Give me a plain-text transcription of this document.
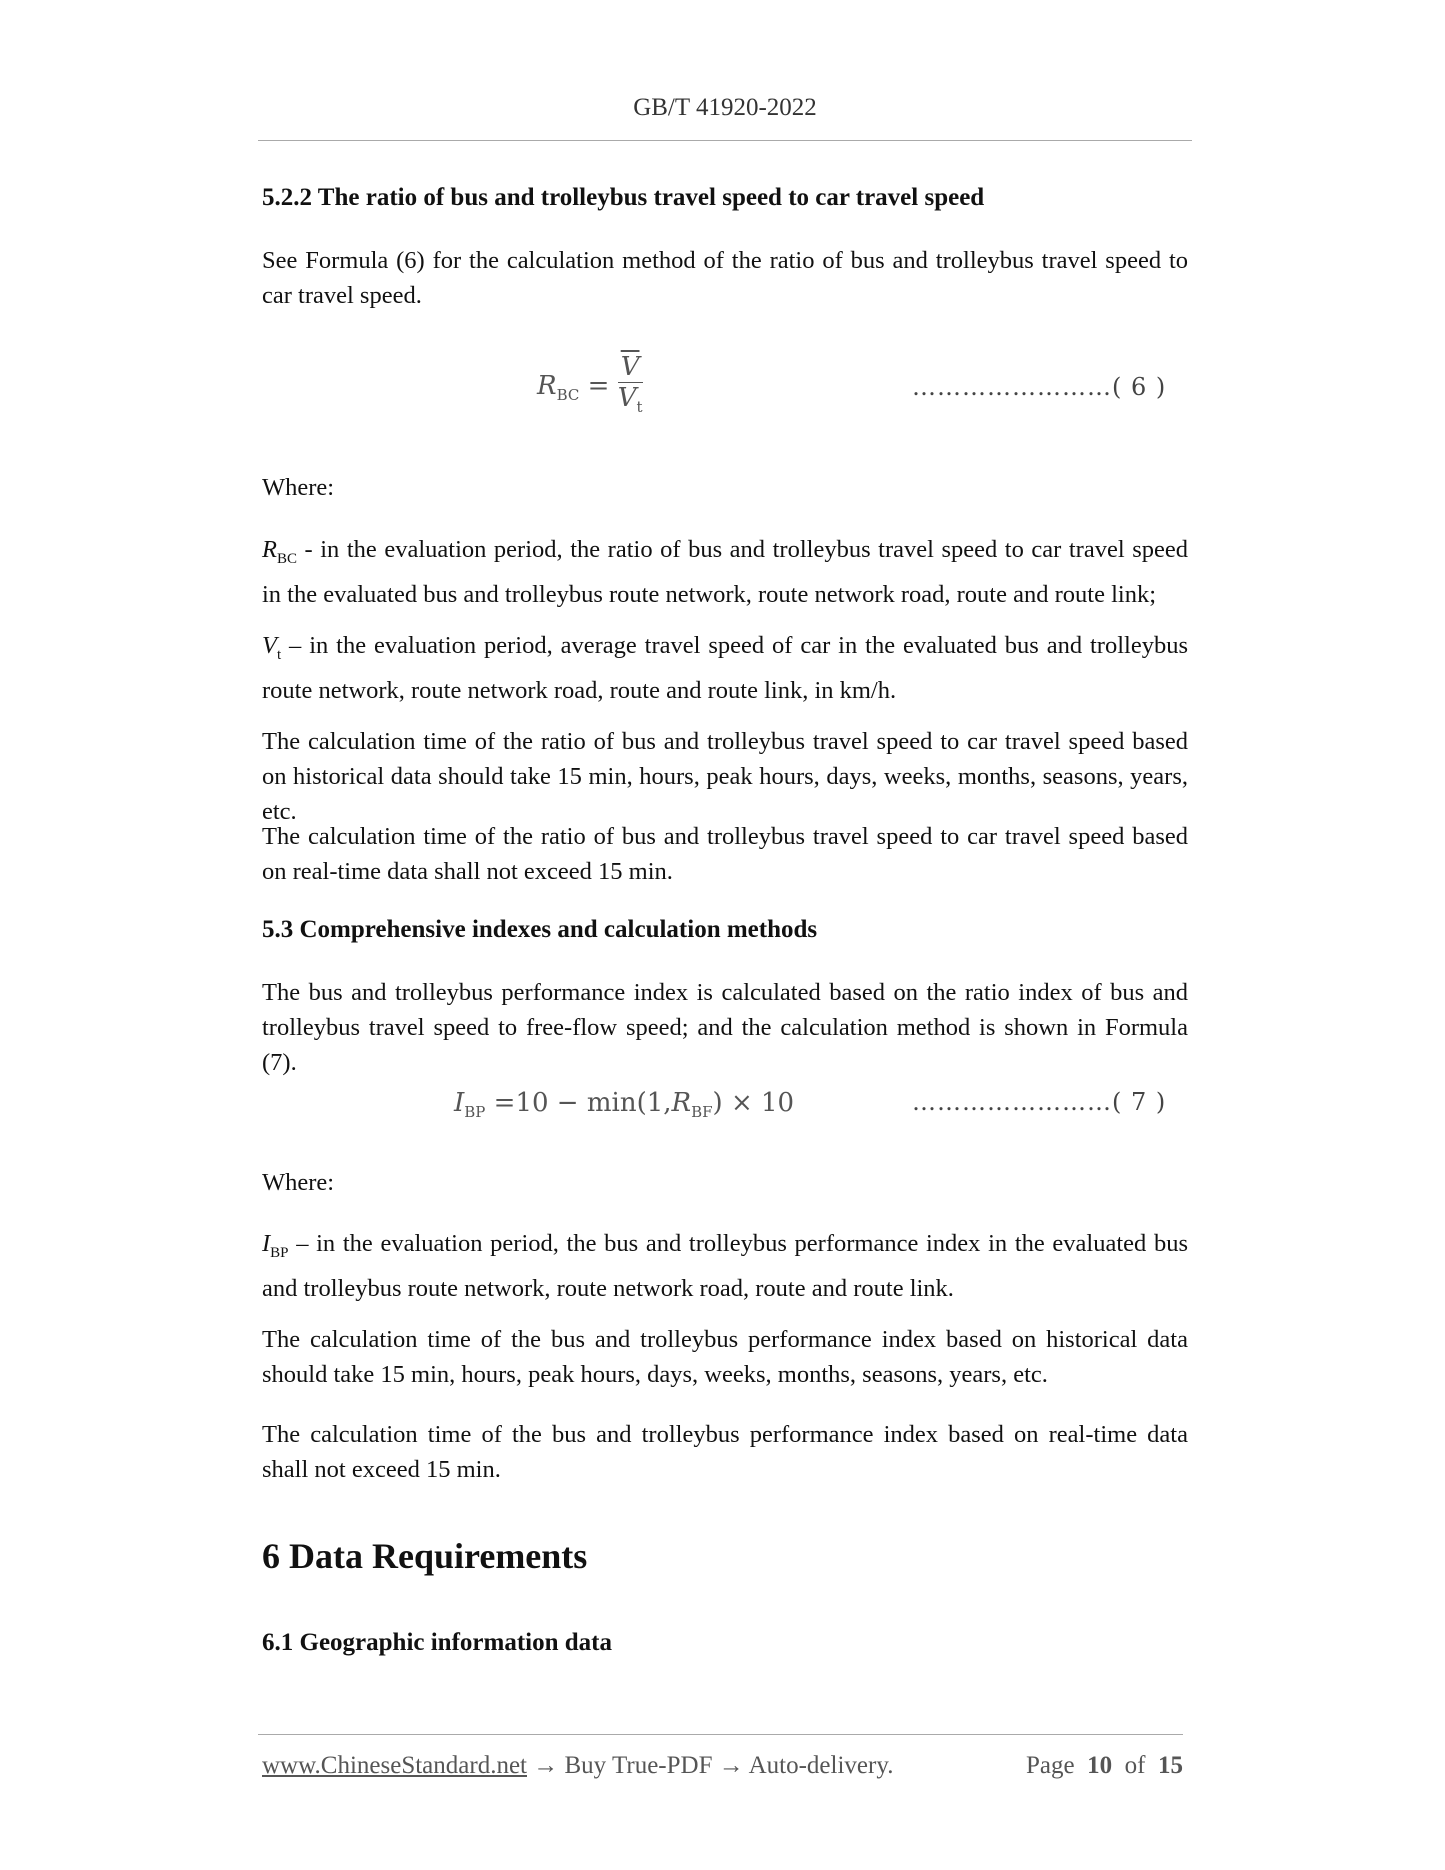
GB/T 41920-2022
5.2.2 The ratio of bus and trolleybus travel speed to car travel speed
See Formula (6) for the calculation method of the ratio of bus and trolleybus travel speed to car travel speed.
$R_{BC} = \frac{\overline{V}}{V_t}$	……………………( 6 )
Where:
$R_{BC}$ - in the evaluation period, the ratio of bus and trolleybus travel speed to car travel speed in the evaluated bus and trolleybus route network, route network road, route and route link;
$V_t$ – in the evaluation period, average travel speed of car in the evaluated bus and trolleybus route network, route network road, route and route link, in km/h.
The calculation time of the ratio of bus and trolleybus travel speed to car travel speed based on historical data should take 15 min, hours, peak hours, days, weeks, months, seasons, years, etc.
The calculation time of the ratio of bus and trolleybus travel speed to car travel speed based on real-time data shall not exceed 15 min.
5.3 Comprehensive indexes and calculation methods
The bus and trolleybus performance index is calculated based on the ratio index of bus and trolleybus travel speed to free-flow speed; and the calculation method is shown in Formula (7).
$I_{BP} =10 - \min(1,R_{BF}) \times 10$	……………………( 7 )
Where:
$I_{BP}$ – in the evaluation period, the bus and trolleybus performance index in the evaluated bus and trolleybus route network, route network road, route and route link.
The calculation time of the bus and trolleybus performance index based on historical data should take 15 min, hours, peak hours, days, weeks, months, seasons, years, etc.
The calculation time of the bus and trolleybus performance index based on real-time data shall not exceed 15 min.
6 Data Requirements
6.1 Geographic information data
www.ChineseStandard.net → Buy True-PDF → Auto-delivery.	Page 10 of 15
